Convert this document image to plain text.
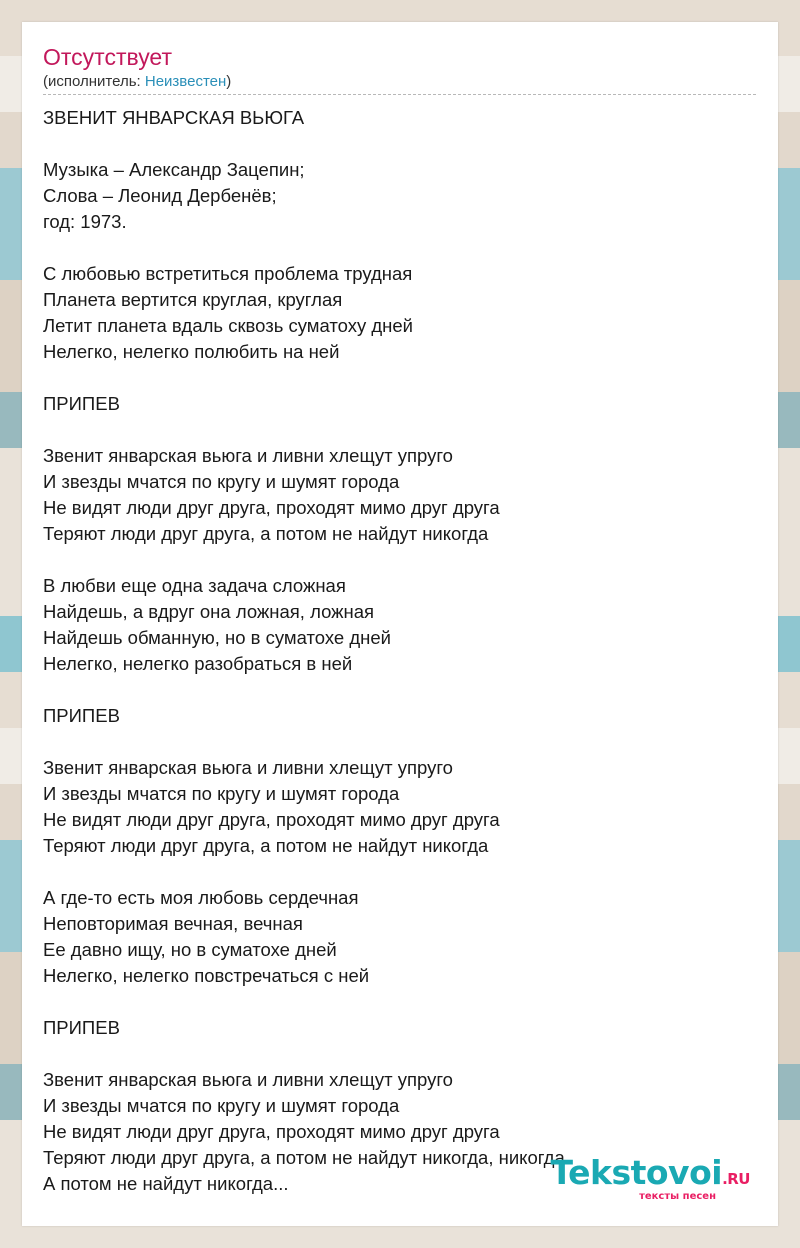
Отсутствует
(исполнитель: Неизвестен)
ЗВЕНИТ ЯНВАРСКАЯ ВЬЮГА

Музыка – Александр Зацепин;
Слова – Леонид Дербенёв;
год: 1973.

С любовью встретиться проблема трудная
Планета вертится круглая, круглая
Летит планета вдаль сквозь суматоху дней
Нелегко, нелегко полюбить на ней

ПРИПЕВ

Звенит январская вьюга и ливни хлещут упруго
И звезды мчатся по кругу и шумят города
Не видят люди друг друга, проходят мимо друг друга
Теряют люди друг друга, а потом не найдут никогда

В любви еще одна задача сложная
Найдешь, а вдруг она ложная, ложная
Найдешь обманную, но в суматохе дней
Нелегко, нелегко разобраться в ней

ПРИПЕВ

Звенит январская вьюга и ливни хлещут упруго
И звезды мчатся по кругу и шумят города
Не видят люди друг друга, проходят мимо друг друга
Теряют люди друг друга, а потом не найдут никогда

А где-то есть моя любовь сердечная
Неповторимая вечная, вечная
Ее давно ищу, но в суматохе дней
Нелегко, нелегко повстречаться с ней

ПРИПЕВ

Звенит январская вьюга и ливни хлещут упруго
И звезды мчатся по кругу и шумят города
Не видят люди друг друга, проходят мимо друг друга
Теряют люди друг друга, а потом не найдут никогда, никогда
А потом не найдут никогда...	Tekstovoi.RU
тексты песен
